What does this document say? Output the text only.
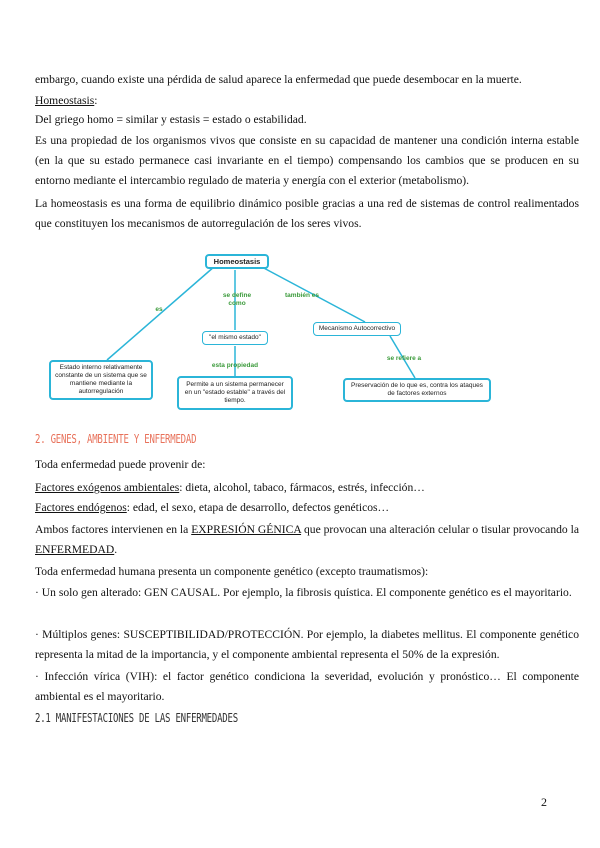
embargo, cuando existe una pérdida de salud aparece la enfermedad que puede desembocar en la muerte.

Homeostasis:

Del griego homo = similar y estasis = estado o estabilidad.

Es una propiedad de los organismos vivos que consiste en su capacidad de mantener una condición interna estable (en la que su estado permanece casi invariante en el tiempo) compensando los cambios que se producen en su entorno mediante el intercambio regulado de materia y energía con el exterior (metabolismo).

La homeostasis es una forma de equilibrio dinámico posible gracias a una red de sistemas de control realimentados que constituyen los mecanismos de autorregulación de los seres vivos.

Homeostasis
es
se define como
también es
"el mismo estado"
Mecanismo Autocorrectivo
esta propiedad
se refiere a
Estado interno relativamente constante de un sistema que se mantiene mediante la autorregulación
Permite a un sistema permanecer en un "estado estable" a través del tiempo.
Preservación de lo que es, contra los ataques de factores externos

2. GENES, AMBIENTE Y ENFERMEDAD

Toda enfermedad puede provenir de:

Factores exógenos ambientales: dieta, alcohol, tabaco, fármacos, estrés, infección…

Factores endógenos: edad, el sexo, etapa de desarrollo, defectos genéticos…

Ambos factores intervienen en la EXPRESIÓN GÉNICA que provocan una alteración celular o tisular provocando la ENFERMEDAD.

Toda enfermedad humana presenta un componente genético (excepto traumatismos):

· Un solo gen alterado: GEN CAUSAL. Por ejemplo, la fibrosis quística. El componente genético es el mayoritario.

· Múltiplos genes: SUSCEPTIBILIDAD/PROTECCIÓN. Por ejemplo, la diabetes mellitus. El componente genético representa la mitad de la importancia, y el componente ambiental representa el 50% de la expresión.

· Infección vírica (VIH): el factor genético condiciona la severidad, evolución y pronóstico… El componente ambiental es el mayoritario.

2.1 MANIFESTACIONES DE LAS ENFERMEDADES

2
